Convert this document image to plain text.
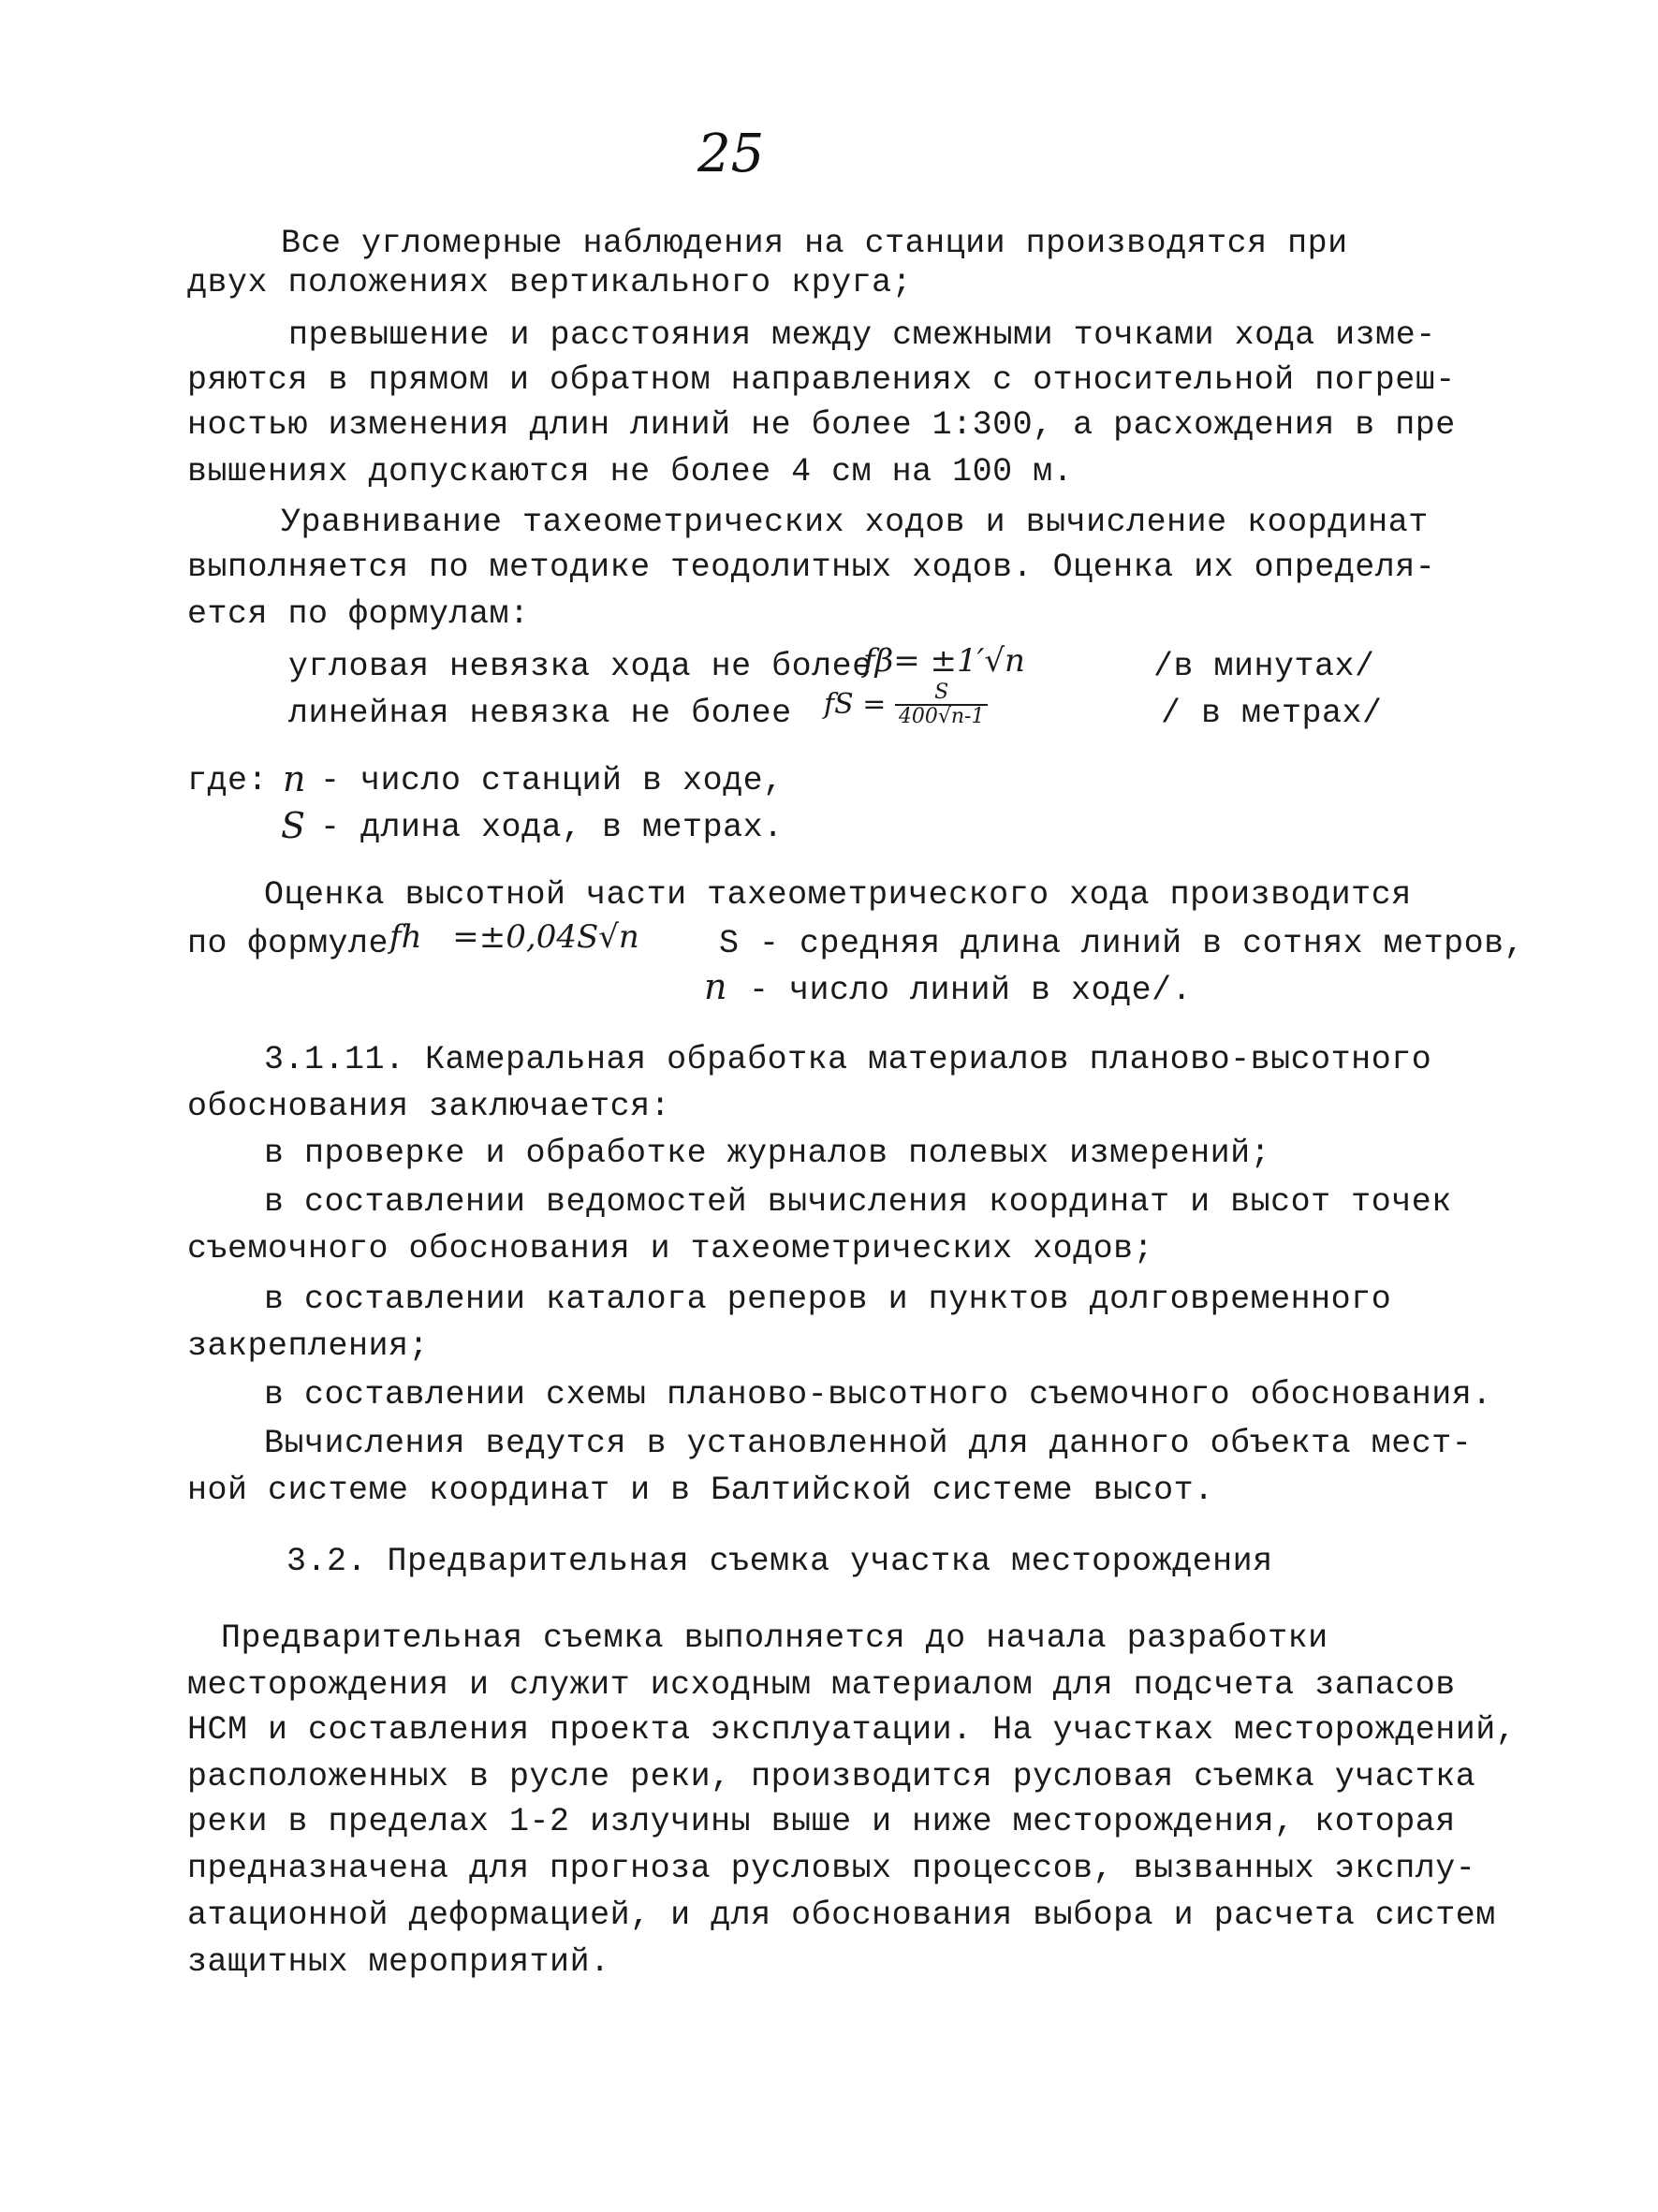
25
Все угломерные наблюдения на станции производятся при
двух положениях вертикального круга;
превышение и расстояния между смежными точками хода изме-
ряются в прямом и обратном направлениях с относительной погреш-
ностью изменения длин линий не более 1:300, а расхождения в пре
вышениях допускаются не более 4 см на 100 м.
Уравнивание тахеометрических ходов и вычисление координат
выполняется по методике теодолитных ходов. Оценка их определя-
ется по формулам:
угловая невязка хода не более
fβ= ±1′√n	/в минутах/
линейная невязка не более fS = $\frac{S}{400√n-1}$	/ в метрах/
где: n - число станций в ходе,
S - длина хода, в метрах.
Оценка высотной части тахеометрического хода производится
по формуле fh =±0,04S√n S - средняя длина линий в сотнях метров,
n - число линий в ходе/.
3.1.11. Камеральная обработка материалов планово-высотного
обоснования заключается:
в проверке и обработке журналов полевых измерений;
в составлении ведомостей вычисления координат и высот точек
съемочного обоснования и тахеометрических ходов;
в составлении каталога реперов и пунктов долговременного
закрепления;
в составлении схемы планово-высотного съемочного обоснования.
Вычисления ведутся в установленной для данного объекта мест-
ной системе координат и в Балтийской системе высот.
3.2. Предварительная съемка участка месторождения
Предварительная съемка выполняется до начала разработки
месторождения и служит исходным материалом для подсчета запасов
НСМ и составления проекта эксплуатации. На участках месторождений,
расположенных в русле реки, производится русловая съемка участка
реки в пределах 1-2 излучины выше и ниже месторождения, которая
предназначена для прогноза русловых процессов, вызванных эксплу-
атационной деформацией, и для обоснования выбора и расчета систем
защитных мероприятий.
